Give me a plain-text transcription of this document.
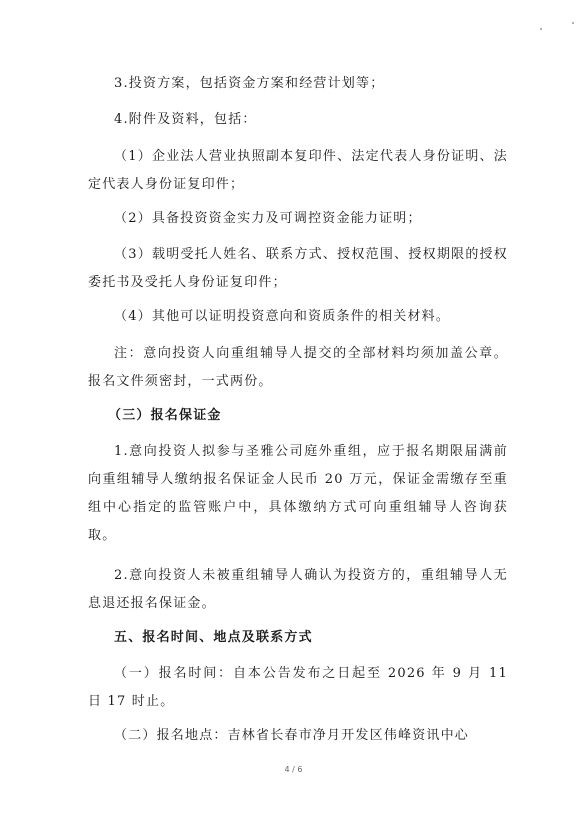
3.投资方案，包括资金方案和经营计划等；

4.附件及资料，包括：

（1）企业法人营业执照副本复印件、法定代表人身份证明、法定代表人身份证复印件；

（2）具备投资资金实力及可调控资金能力证明；

（3）载明受托人姓名、联系方式、授权范围、授权期限的授权委托书及受托人身份证复印件；

（4）其他可以证明投资意向和资质条件的相关材料。

注：意向投资人向重组辅导人提交的全部材料均须加盖公章。报名文件须密封，一式两份。

（三）报名保证金

1.意向投资人拟参与圣雅公司庭外重组，应于报名期限届满前向重组辅导人缴纳报名保证金人民币 20 万元，保证金需缴存至重组中心指定的监管账户中，具体缴纳方式可向重组辅导人咨询获取。

2.意向投资人未被重组辅导人确认为投资方的，重组辅导人无息退还报名保证金。

五、报名时间、地点及联系方式

（一）报名时间：自本公告发布之日起至 2026 年 9 月 11 日 17 时止。

（二）报名地点：吉林省长春市净月开发区伟峰资讯中心

4 / 6
